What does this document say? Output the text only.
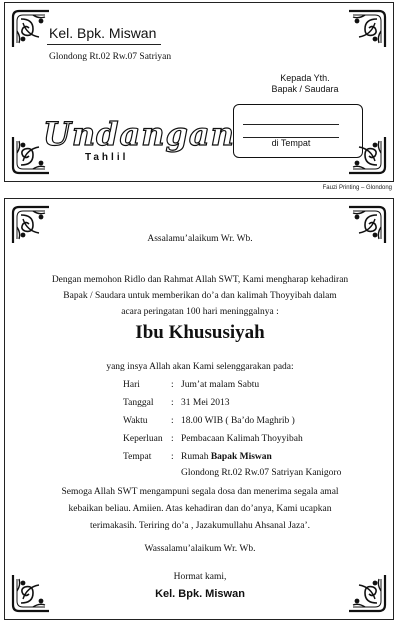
Kel. Bpk. Miswan
Glondong Rt.02 Rw.07 Satriyan
Kepada Yth.
Bapak / Saudara
di Tempat
Undangan
Tahlil
Fauzi Printing – Glondong
Assalamu’alaikum Wr. Wb.
Dengan memohon Ridlo dan Rahmat Allah SWT, Kami mengharap kehadiran
Bapak / Saudara untuk memberikan do’a dan kalimah Thoyyibah dalam
acara peringatan 100 hari meninggalnya :
Ibu Khususiyah
yang insya Allah akan Kami selenggarakan pada:
Hari	: Jum’at malam Sabtu
Tanggal : 31 Mei 2013
Waktu : 18.00 WIB ( Ba’do Maghrib )
Keperluan : Pembacaan Kalimah Thoyyibah
Tempat : Rumah Bapak Miswan
Glondong Rt.02 Rw.07 Satriyan Kanigoro
Semoga Allah SWT mengampuni segala dosa dan menerima segala amal
kebaikan beliau. Amiien. Atas kehadiran dan do’anya, Kami ucapkan
terimakasih. Teriring do’a , Jazakumullahu Ahsanal Jaza’.
Wassalamu’alaikum Wr. Wb.
Hormat kami,
Kel. Bpk. Miswan
